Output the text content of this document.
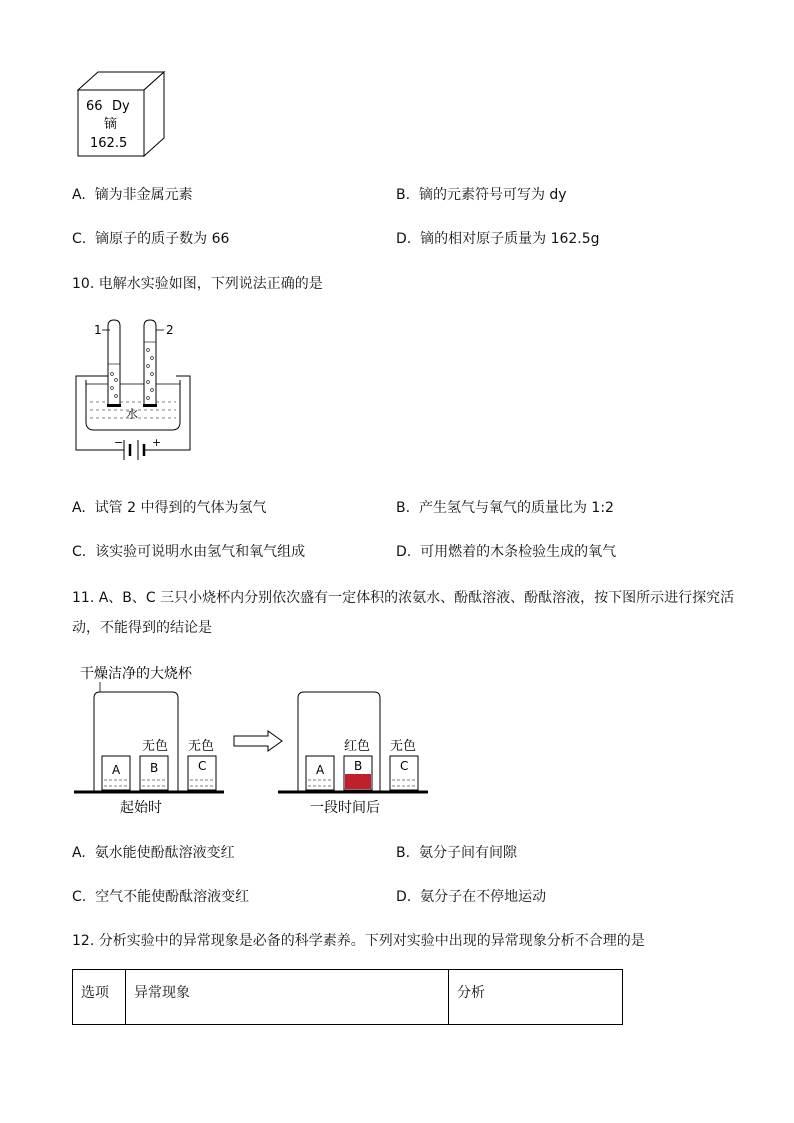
66 Dy
镝
162.5
A. 镝为非金属元素	B. 镝的元素符号可写为 dy
C. 镝原子的质子数为 66	D. 镝的相对原子质量为 162.5g
10. 电解水实验如图，下列说法正确的是
−	+
水
1	2
A. 试管 2 中得到的气体为氢气	B. 产生氢气与氧气的质量比为 1:2
C. 该实验可说明水由氢气和氧气组成	D. 可用燃着的木条检验生成的氧气
11. A、B、C 三只小烧杯内分别依次盛有一定体积的浓氨水、酚酞溶液、酚酞溶液，按下图所示进行探究活
动，不能得到的结论是
干燥洁净的大烧杯
A B
无色
C
无色
起始时
A B
红色
C
无色
一段时间后
A. 氨水能使酚酞溶液变红	B. 氨分子间有间隙
C. 空气不能使酚酞溶液变红	D. 氨分子在不停地运动
12. 分析实验中的异常现象是必备的科学素养。下列对实验中出现的异常现象分析不合理的是
选项	异常现象	分析
